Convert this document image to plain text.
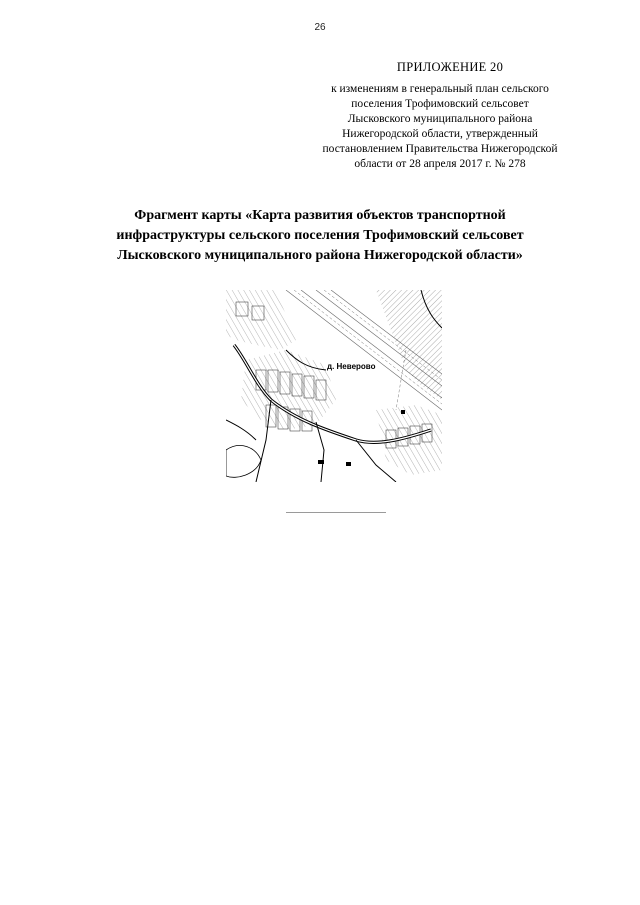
26
ПРИЛОЖЕНИЕ 20
к изменениям в генеральный план сельского
поселения Трофимовский сельсовет
Лысковского муниципального района
Нижегородской области, утвержденный
постановлением Правительства Нижегородской
области от 28 апреля 2017 г. № 278
Фрагмент карты «Карта развития объектов транспортной
инфраструктуры сельского поселения Трофимовский сельсовет
Лысковского муниципального района Нижегородской области»
д. Неверово
